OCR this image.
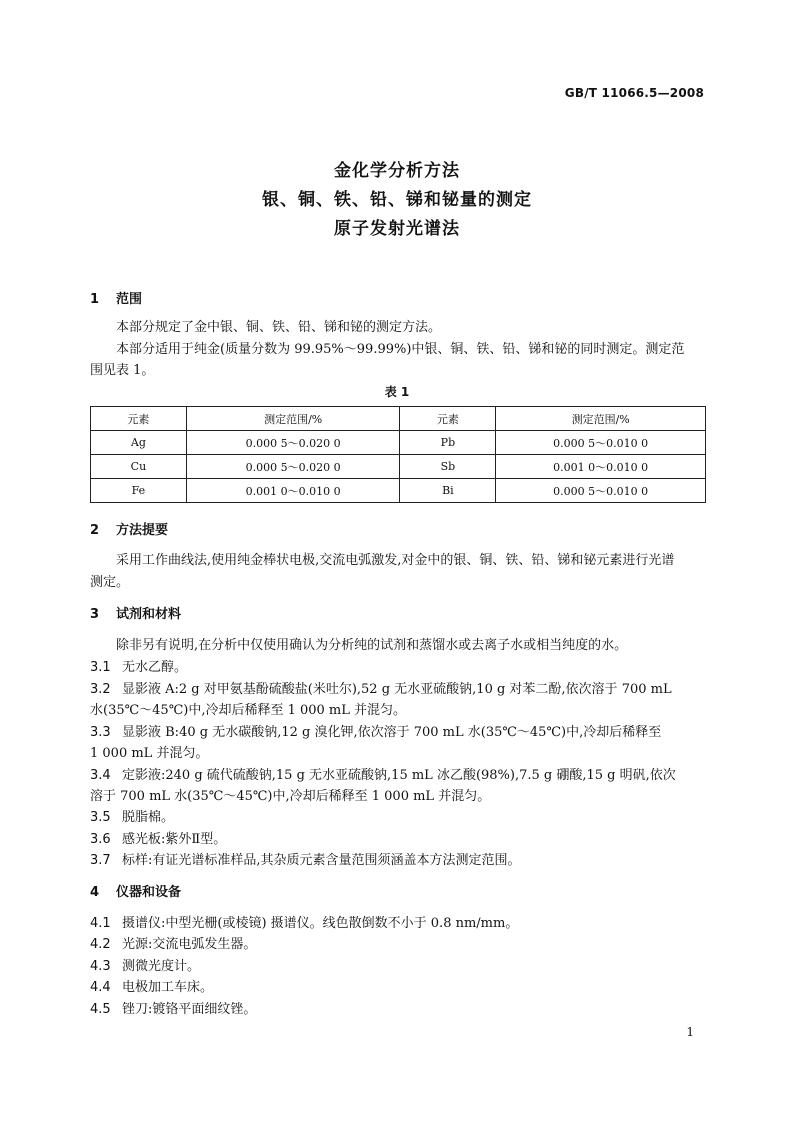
GB/T 11066.5—2008
金化学分析方法
银、铜、铁、铅、锑和铋量的测定
原子发射光谱法
1 范围
本部分规定了金中银、铜、铁、铅、锑和铋的测定方法。
本部分适用于纯金(质量分数为 99.95%～99.99%)中银、铜、铁、铅、锑和铋的同时测定。测定范
围见表 1。
表 1
元素	测定范围/%	元素	测定范围/%
Ag	0.000 5～0.020 0	Pb	0.000 5～0.010 0
Cu	0.000 5～0.020 0	Sb	0.001 0～0.010 0
Fe	0.001 0～0.010 0	Bi	0.000 5～0.010 0
2 方法提要
采用工作曲线法,使用纯金棒状电极,交流电弧激发,对金中的银、铜、铁、铅、锑和铋元素进行光谱
测定。
3 试剂和材料
除非另有说明,在分析中仅使用确认为分析纯的试剂和蒸馏水或去离子水或相当纯度的水。
3.1 无水乙醇。
3.2 显影液 A:2 g 对甲氨基酚硫酸盐(米吐尔),52 g 无水亚硫酸钠,10 g 对苯二酚,依次溶于 700 mL
水(35℃～45℃)中,冷却后稀释至 1 000 mL 并混匀。
3.3 显影液 B:40 g 无水碳酸钠,12 g 溴化钾,依次溶于 700 mL 水(35℃～45℃)中,冷却后稀释至
1 000 mL 并混匀。
3.4 定影液:240 g 硫代硫酸钠,15 g 无水亚硫酸钠,15 mL 冰乙酸(98%),7.5 g 硼酸,15 g 明矾,依次
溶于 700 mL 水(35℃～45℃)中,冷却后稀释至 1 000 mL 并混匀。
3.5 脱脂棉。
3.6 感光板:紫外Ⅱ型。
3.7 标样:有证光谱标准样品,其杂质元素含量范围须涵盖本方法测定范围。
4 仪器和设备
4.1 摄谱仪:中型光栅(或棱镜) 摄谱仪。线色散倒数不小于 0.8 nm/mm。
4.2 光源:交流电弧发生器。
4.3 测微光度计。
4.4 电极加工车床。
4.5 锉刀:镀铬平面细纹锉。
1
